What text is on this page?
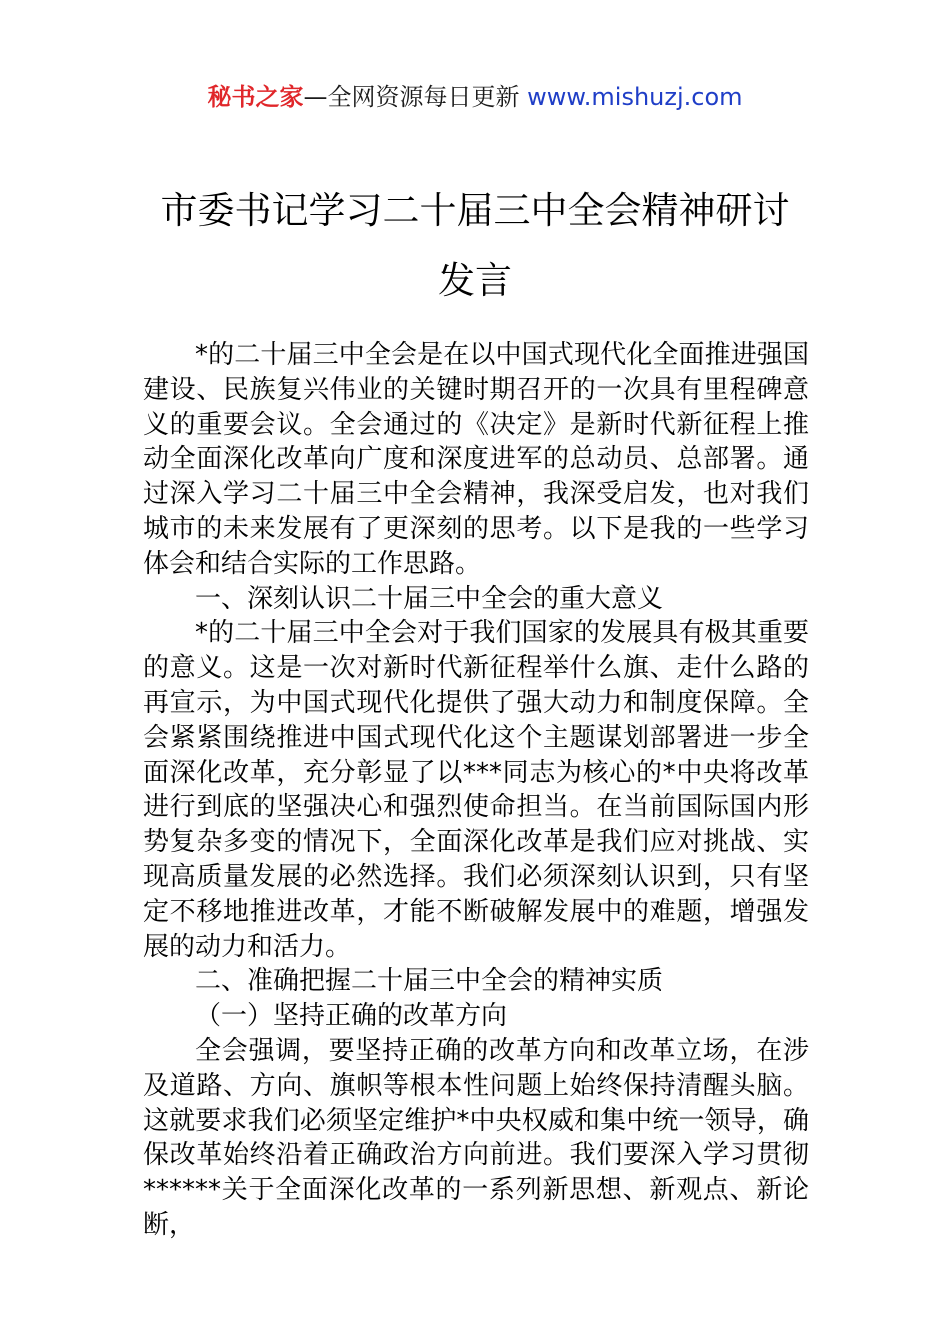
秘书之家—全网资源每日更新 www.mishuzj.com
市委书记学习二十届三中全会精神研讨
发言

*的二十届三中全会是在以中国式现代化全面推进强国建设、民族复兴伟业的关键时期召开的一次具有里程碑意义的重要会议。全会通过的《决定》是新时代新征程上推动全面深化改革向广度和深度进军的总动员、总部署。通过深入学习二十届三中全会精神，我深受启发，也对我们城市的未来发展有了更深刻的思考。以下是我的一些学习体会和结合实际的工作思路。

一、深刻认识二十届三中全会的重大意义

*的二十届三中全会对于我们国家的发展具有极其重要的意义。这是一次对新时代新征程举什么旗、走什么路的再宣示，为中国式现代化提供了强大动力和制度保障。全会紧紧围绕推进中国式现代化这个主题谋划部署进一步全面深化改革，充分彰显了以***同志为核心的*中央将改革进行到底的坚强决心和强烈使命担当。在当前国际国内形势复杂多变的情况下，全面深化改革是我们应对挑战、实现高质量发展的必然选择。我们必须深刻认识到，只有坚定不移地推进改革，才能不断破解发展中的难题，增强发展的动力和活力。

二、准确把握二十届三中全会的精神实质

（一）坚持正确的改革方向

全会强调，要坚持正确的改革方向和改革立场，在涉及道路、方向、旗帜等根本性问题上始终保持清醒头脑。这就要求我们必须坚定维护*中央权威和集中统一领导，确保改革始终沿着正确政治方向前进。我们要深入学习贯彻******关于全面深化改革的一系列新思想、新观点、新论断，
